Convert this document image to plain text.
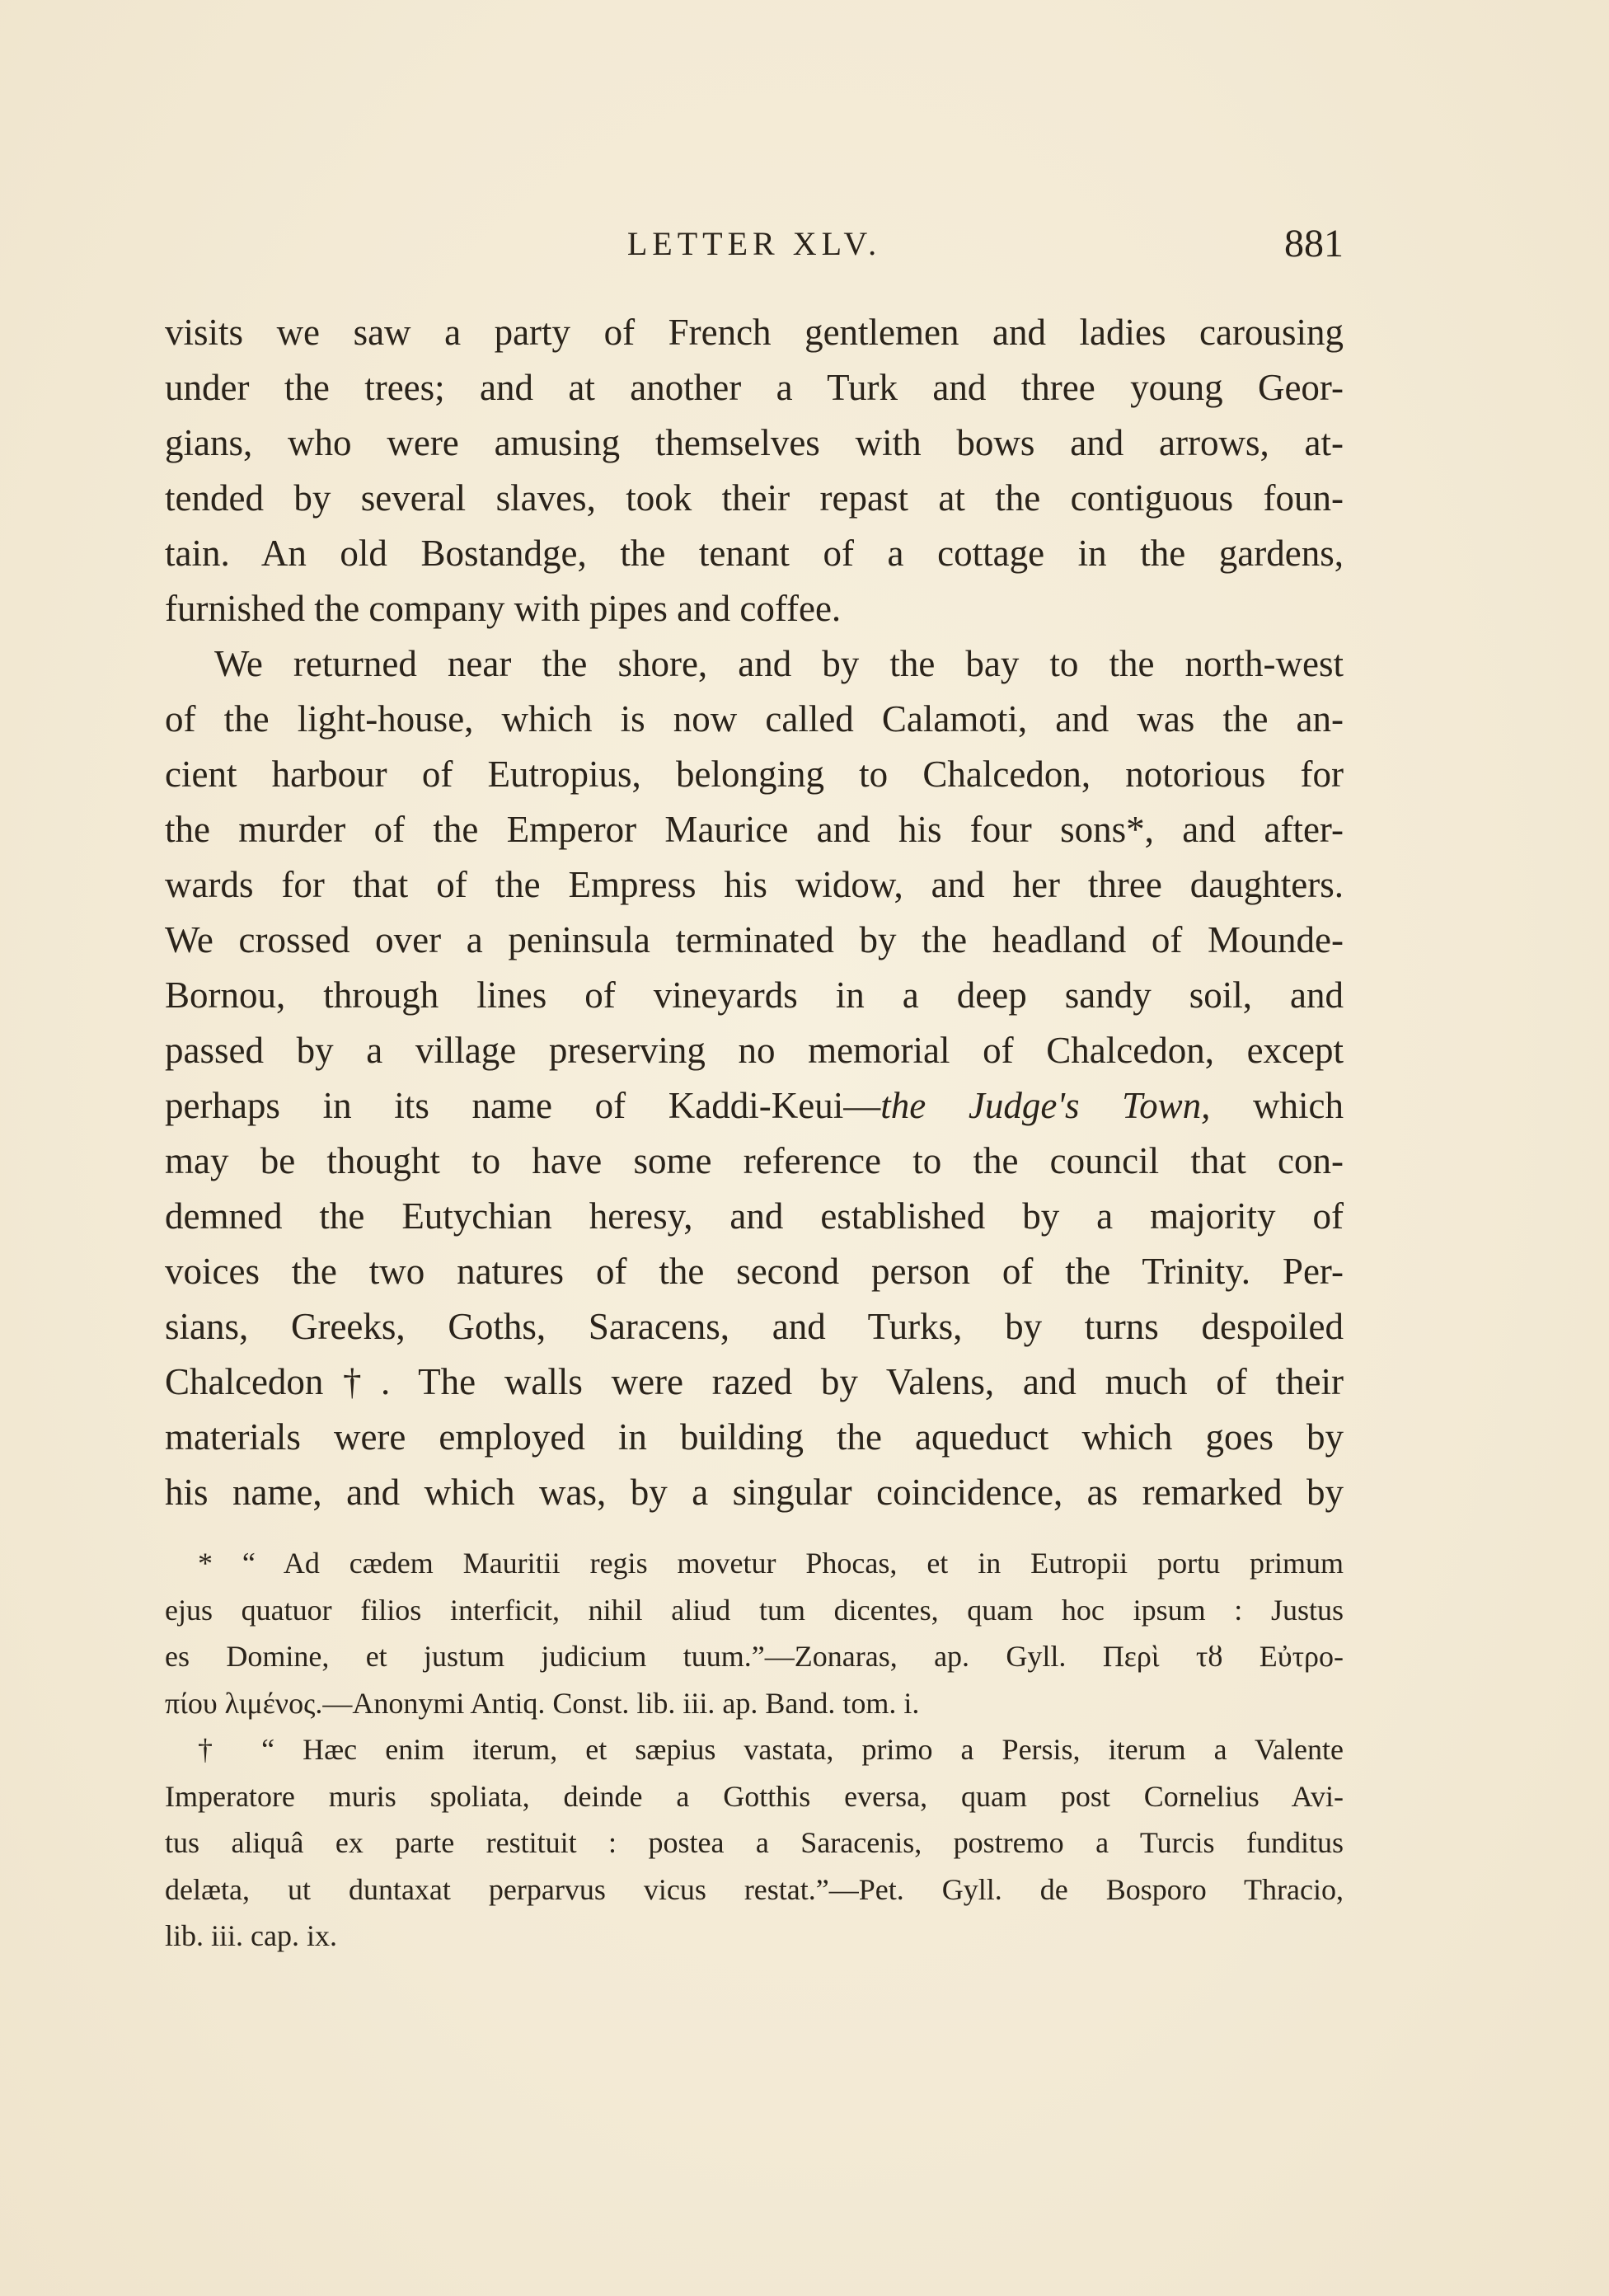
LETTER XLV.	881
visits we saw a party of French gentlemen and ladies carousing
under the trees; and at another a Turk and three young Geor-
gians, who were amusing themselves with bows and arrows, at-
tended by several slaves, took their repast at the contiguous foun-
tain. An old Bostandge, the tenant of a cottage in the gardens,
furnished the company with pipes and coffee.
We returned near the shore, and by the bay to the north-west
of the light-house, which is now called Calamoti, and was the an-
cient harbour of Eutropius, belonging to Chalcedon, notorious for
the murder of the Emperor Maurice and his four sons*, and after-
wards for that of the Empress his widow, and her three daughters.
We crossed over a peninsula terminated by the headland of Mounde-
Bornou, through lines of vineyards in a deep sandy soil, and
passed by a village preserving no memorial of Chalcedon, except
perhaps in its name of Kaddi-Keui—the Judge's Town, which
may be thought to have some reference to the council that con-
demned the Eutychian heresy, and established by a majority of
voices the two natures of the second person of the Trinity. Per-
sians, Greeks, Goths, Saracens, and Turks, by turns despoiled
Chalcedon†. The walls were razed by Valens, and much of their
materials were employed in building the aqueduct which goes by
his name, and which was, by a singular coincidence, as remarked by
* “ Ad cædem Mauritii regis movetur Phocas, et in Eutropii portu primum
ejus quatuor filios interficit, nihil aliud tum dicentes, quam hoc ipsum : Justus
es Domine, et justum judicium tuum.”—Zonaras, ap. Gyll. Περὶ τȣ Εὐτρο-
πίου λιμένος.—Anonymi Antiq. Const. lib. iii. ap. Band. tom. i.
† “ Hæc enim iterum, et sæpius vastata, primo a Persis, iterum a Valente
Imperatore muris spoliata, deinde a Gotthis eversa, quam post Cornelius Avi-
tus aliquâ ex parte restituit : postea a Saracenis, postremo a Turcis funditus
delæta, ut duntaxat perparvus vicus restat.”—Pet. Gyll. de Bosporo Thracio,
lib. iii. cap. ix.
